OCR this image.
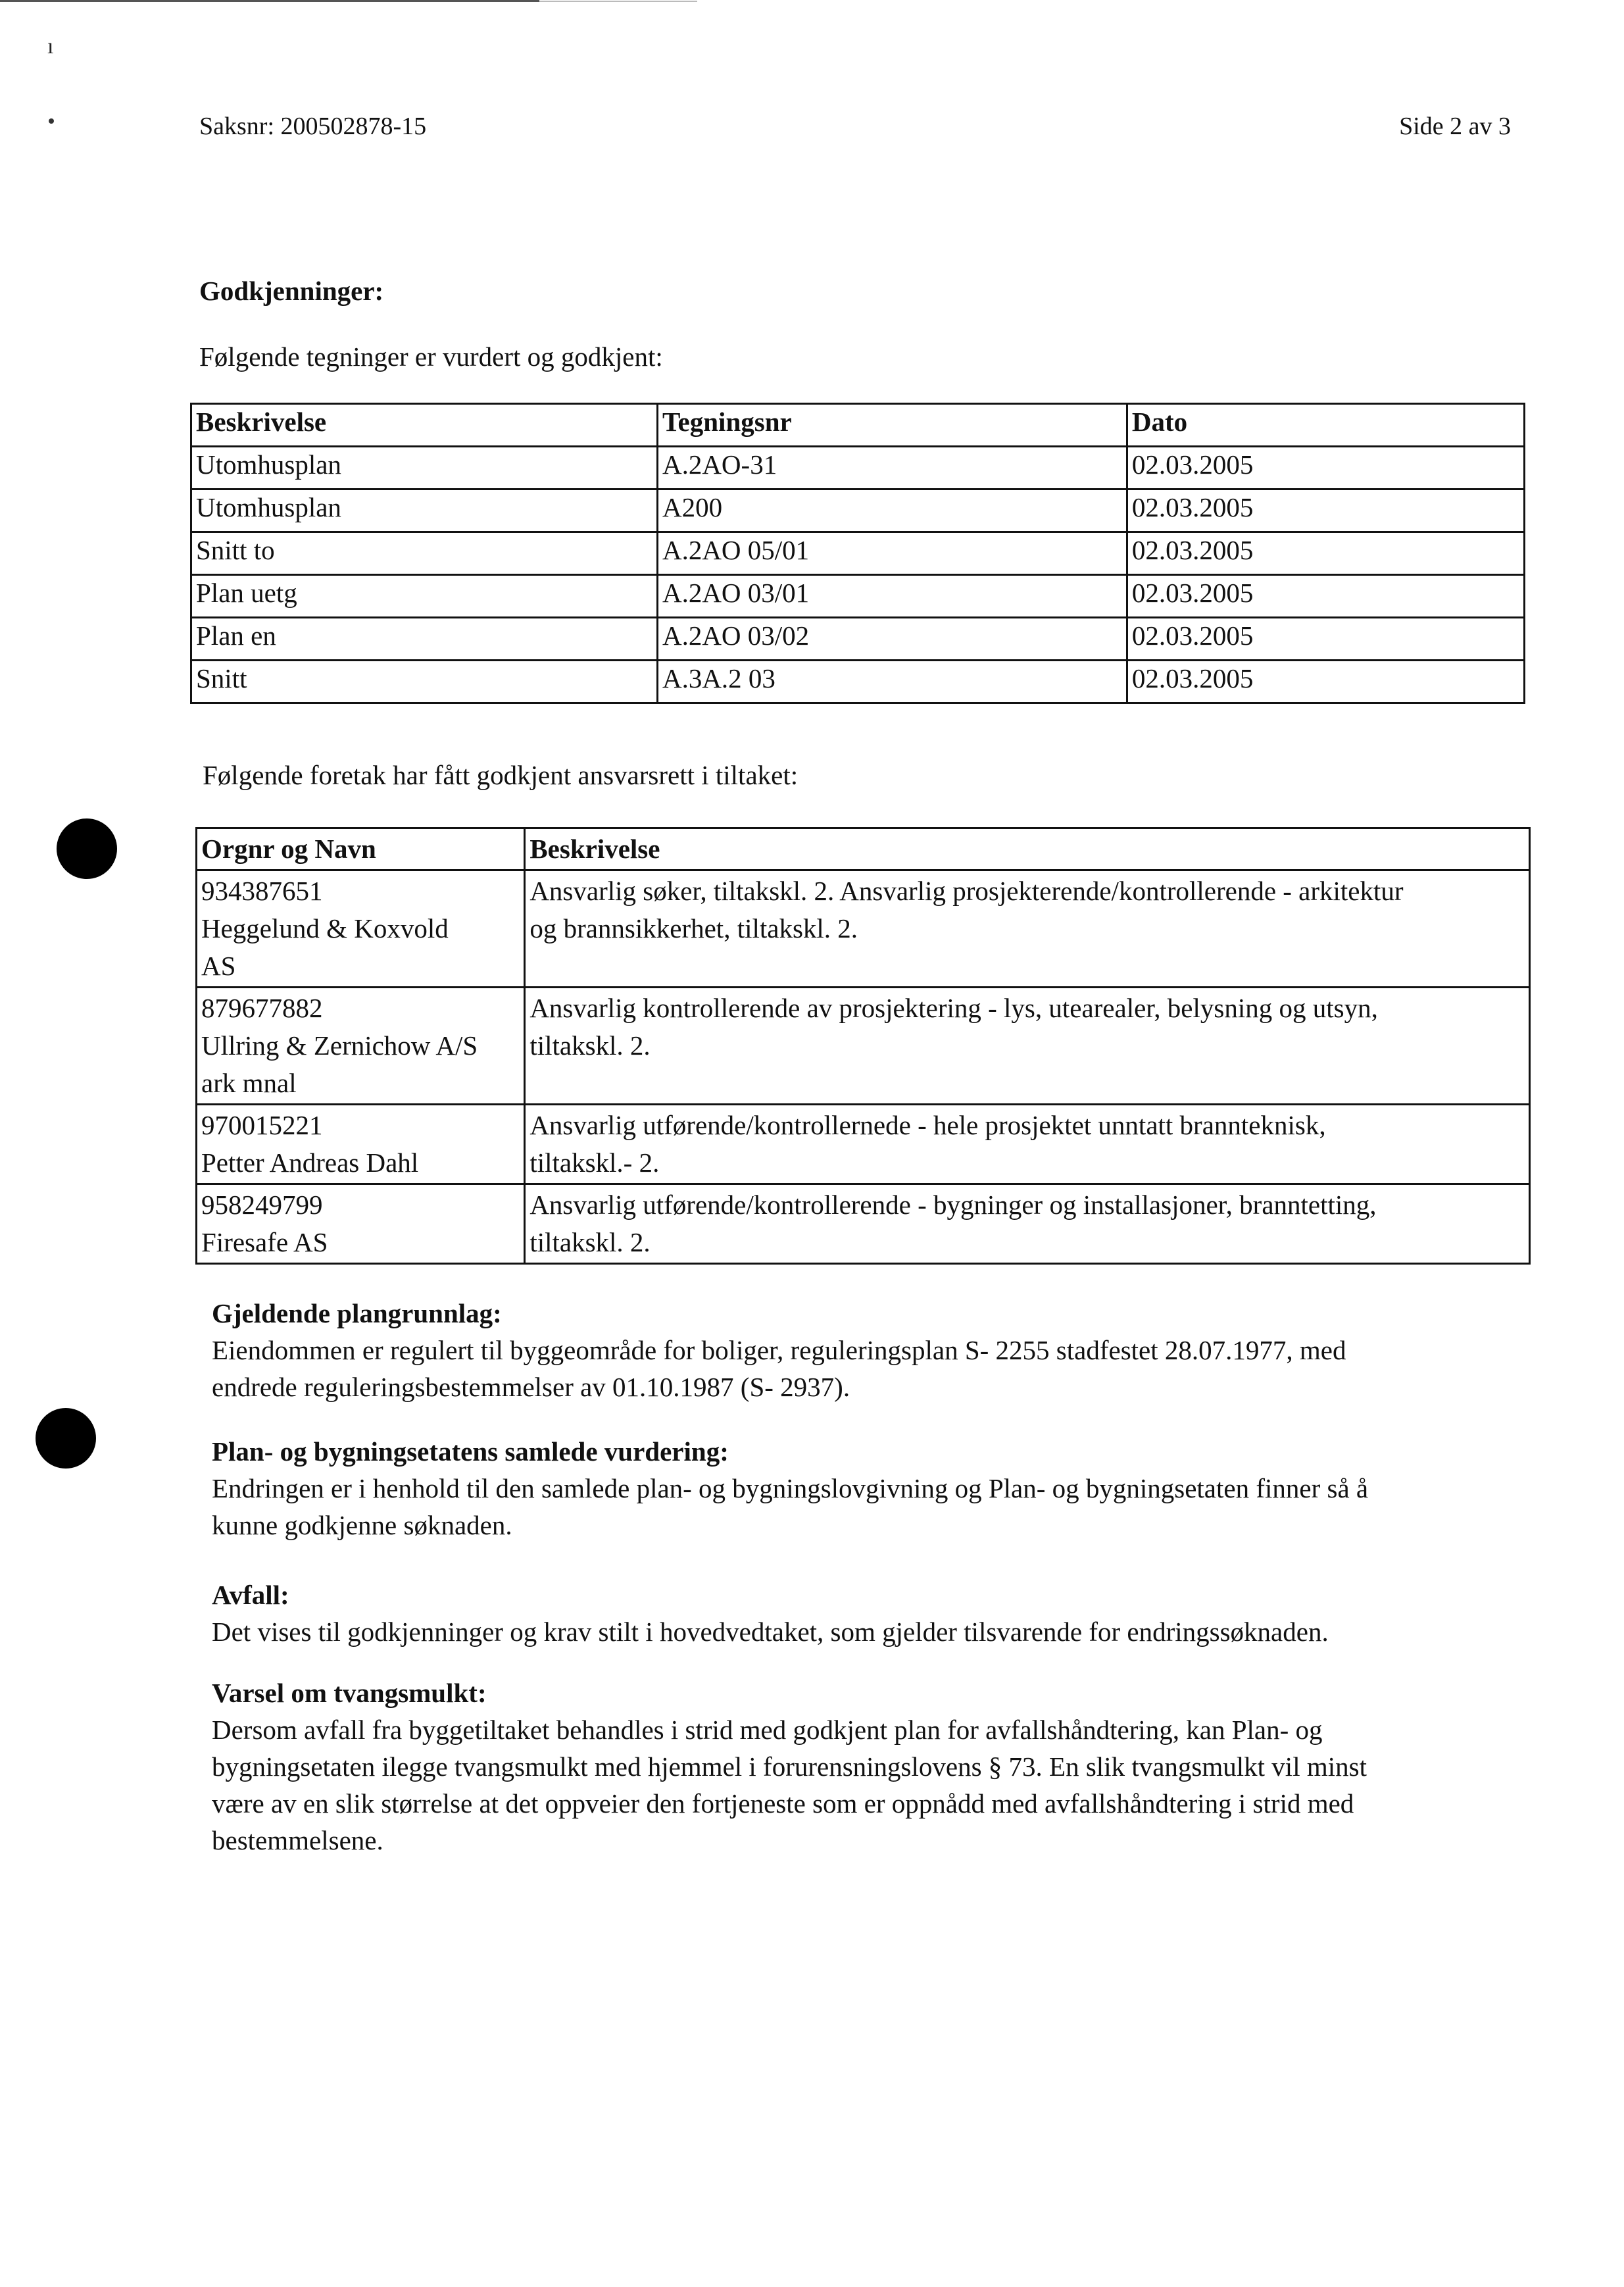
ı
Saksnr: 200502878-15	Side 2 av 3
Godkjenninger:
Følgende tegninger er vurdert og godkjent:
Beskrivelse	Tegningsnr	Dato
Utomhusplan	A.2AO-31	02.03.2005
Utomhusplan	A200	02.03.2005
Snitt to	A.2AO 05/01	02.03.2005
Plan uetg	A.2AO 03/01	02.03.2005
Plan en	A.2AO 03/02	02.03.2005
Snitt	A.3A.2 03	02.03.2005
Følgende foretak har fått godkjent ansvarsrett i tiltaket:
Orgnr og Navn	Beskrivelse
934387651
Heggelund & Koxvold
AS	Ansvarlig søker, tiltakskl. 2. Ansvarlig prosjekterende/kontrollerende - arkitektur
og brannsikkerhet, tiltakskl. 2.
879677882
Ullring & Zernichow A/S
ark mnal	Ansvarlig kontrollerende av prosjektering - lys, utearealer, belysning og utsyn,
tiltakskl. 2.
970015221
Petter Andreas Dahl	Ansvarlig utførende/kontrollernede - hele prosjektet unntatt brannteknisk,
tiltakskl.- 2.
958249799
Firesafe AS	Ansvarlig utførende/kontrollerende - bygninger og installasjoner, branntetting,
tiltakskl. 2.
Gjeldende plangrunnlag:
Eiendommen er regulert til byggeområde for boliger, reguleringsplan S- 2255 stadfestet 28.07.1977, med
endrede reguleringsbestemmelser av 01.10.1987 (S- 2937).
Plan- og bygningsetatens samlede vurdering:
Endringen er i henhold til den samlede plan- og bygningslovgivning og Plan- og bygningsetaten finner så å
kunne godkjenne søknaden.
Avfall:
Det vises til godkjenninger og krav stilt i hovedvedtaket, som gjelder tilsvarende for endringssøknaden.
Varsel om tvangsmulkt:
Dersom avfall fra byggetiltaket behandles i strid med godkjent plan for avfallshåndtering, kan Plan- og
bygningsetaten ilegge tvangsmulkt med hjemmel i forurensningslovens § 73. En slik tvangsmulkt vil minst
være av en slik størrelse at det oppveier den fortjeneste som er oppnådd med avfallshåndtering i strid med
bestemmelsene.
